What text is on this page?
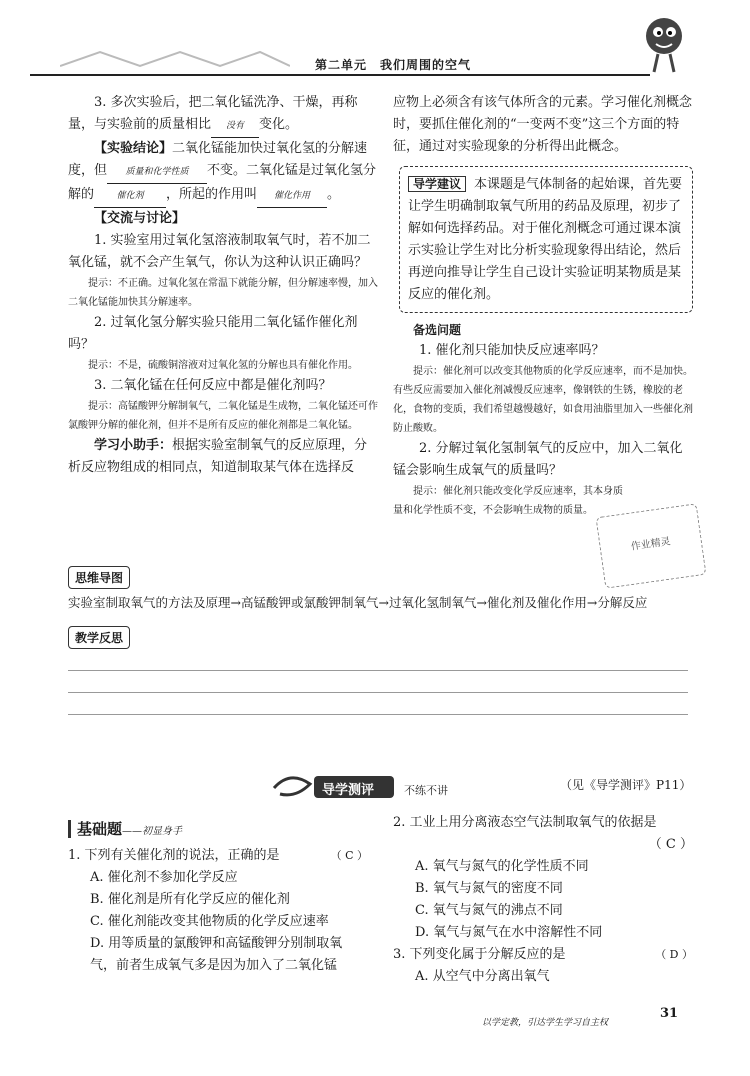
第二单元　我们周围的空气

3. 多次实验后，把二氧化锰洗净、干燥，再称量，与实验前的质量相比 没有 变化。

【实验结论】二氧化锰能加快过氧化氢的分解速度，但 质量和化学性质 不变。二氧化锰是过氧化氢分解的 催化剂 ，所起的作用叫 催化作用 。

【交流与讨论】

1. 实验室用过氧化氢溶液制取氧气时，若不加二氧化锰，就不会产生氧气，你认为这种认识正确吗？

提示：不正确。过氧化氢在常温下就能分解，但分解速率慢，加入二氧化锰能加快其分解速率。

2. 过氧化氢分解实验只能用二氧化锰作催化剂吗？

提示：不是，硫酸铜溶液对过氧化氢的分解也具有催化作用。

3. 二氧化锰在任何反应中都是催化剂吗？

提示：高锰酸钾分解制氧气，二氧化锰是生成物，二氧化锰还可作氯酸钾分解的催化剂，但并不是所有反应的催化剂都是二氧化锰。

学习小助手：根据实验室制氧气的反应原理，分析反应物组成的相同点，知道制取某气体在选择反

应物上必须含有该气体所含的元素。学习催化剂概念时，要抓住催化剂的“一变两不变”这三个方面的特征，通过对实验现象的分析得出此概念。

导学建议 本课题是气体制备的起始课，首先要让学生明确制取氧气所用的药品及原理，初步了解如何选择药品。对于催化剂概念可通过课本演示实验让学生对比分析实验现象得出结论，然后再逆向推导让学生自己设计实验证明某物质是某反应的催化剂。

备选问题

1. 催化剂只能加快反应速率吗？

提示：催化剂可以改变其他物质的化学反应速率，而不是加快。有些反应需要加入催化剂减慢反应速率，像钢铁的生锈，橡胶的老化，食物的变质，我们希望越慢越好，如食用油脂里加入一些催化剂防止酸败。

2. 分解过氧化氢制氧气的反应中，加入二氧化锰会影响生成氧气的质量吗？

提示：催化剂只能改变化学反应速率，其本身质量和化学性质不变，不会影响生成物的质量。

作业精灵
思维导图
实验室制取氧气的方法及原理→高锰酸钾或氯酸钾制氧气→过氧化氢制氧气→催化剂及催化作用→分解反应
教学反思
导学测评	不练不讲	（见《导学测评》P11）

基础题——初显身手

1. 下列有关催化剂的说法，正确的是	（ C ）

A. 催化剂不参加化学反应

B. 催化剂是所有化学反应的催化剂

C. 催化剂能改变其他物质的化学反应速率

D. 用等质量的氯酸钾和高锰酸钾分别制取氧气，前者生成氧气多是因为加入了二氧化锰

2. 工业上用分离液态空气法制取氧气的依据是

（ C ）

A. 氧气与氮气的化学性质不同

B. 氧气与氮气的密度不同

C. 氧气与氮气的沸点不同

D. 氧气与氮气在水中溶解性不同

3. 下列变化属于分解反应的是	（ D ）

A. 从空气中分离出氧气

以学定教，引达学生学习自主权
31
